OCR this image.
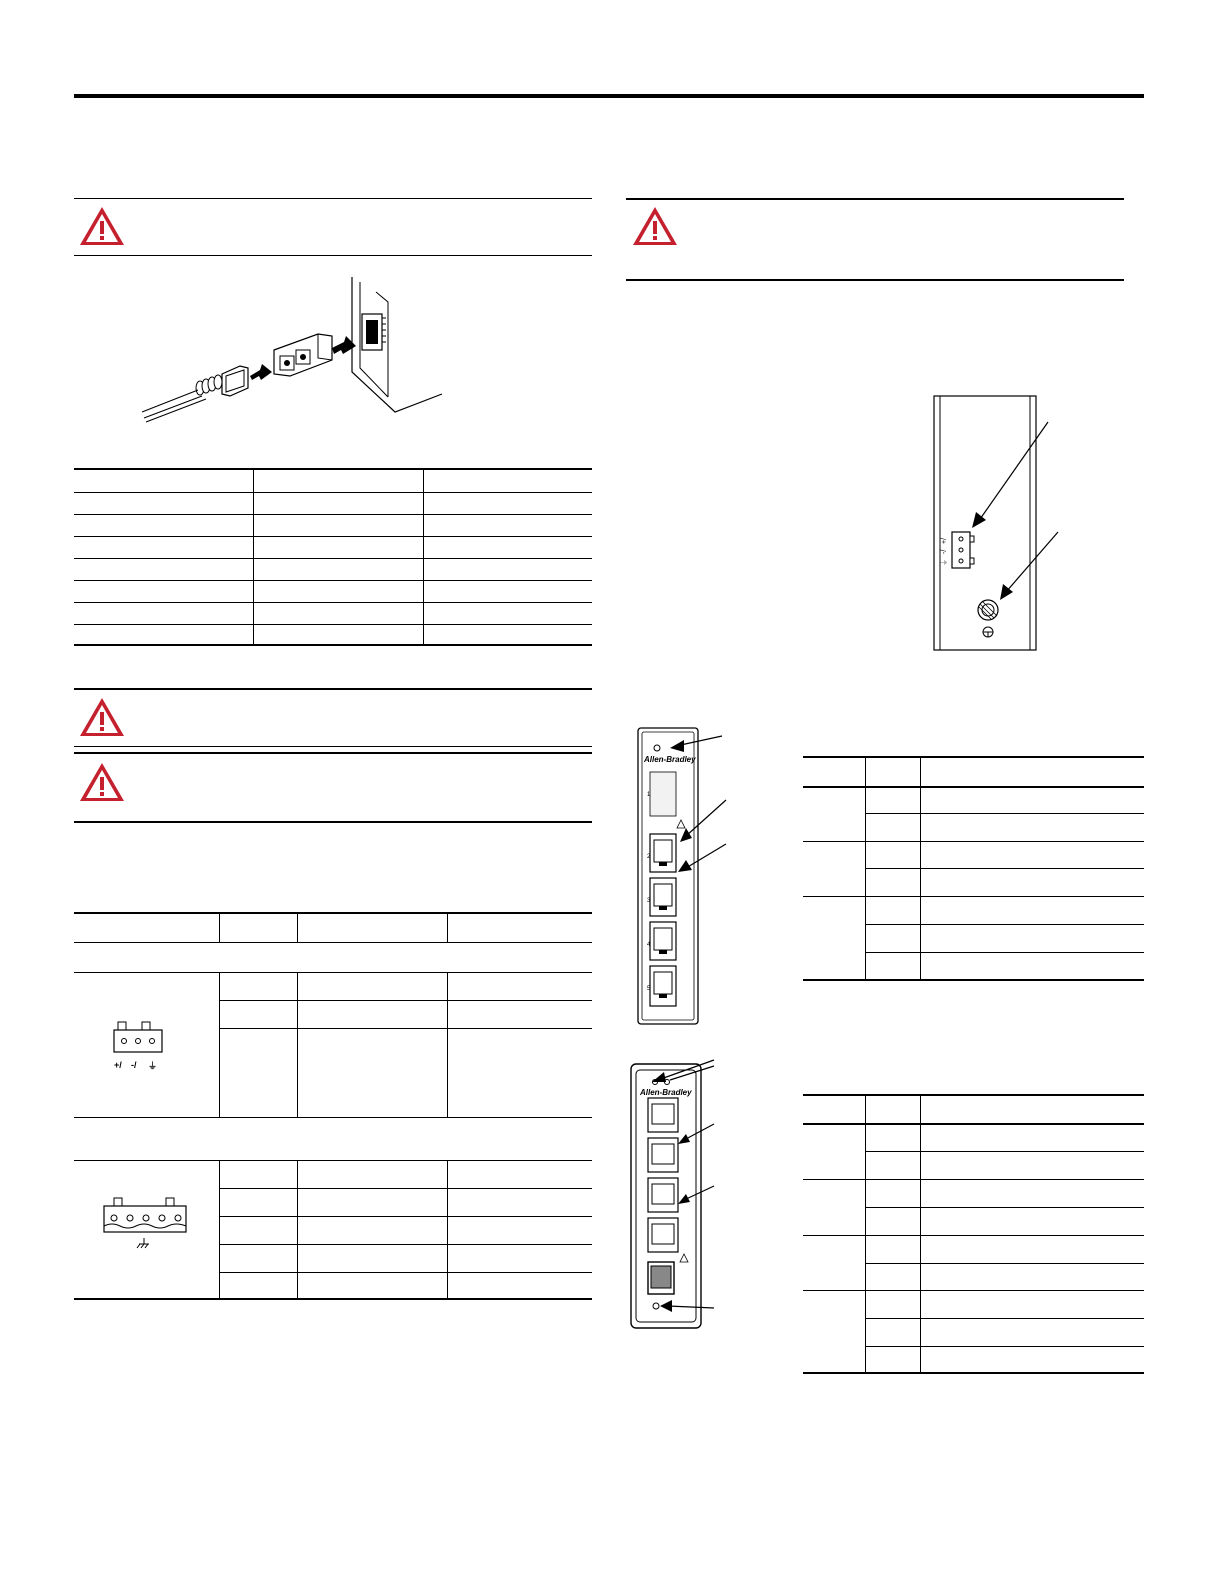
+/ -/ ⏚
+/
-/
⏚
Allen-Bradley
1
2
3
4
5
Allen-Bradley
